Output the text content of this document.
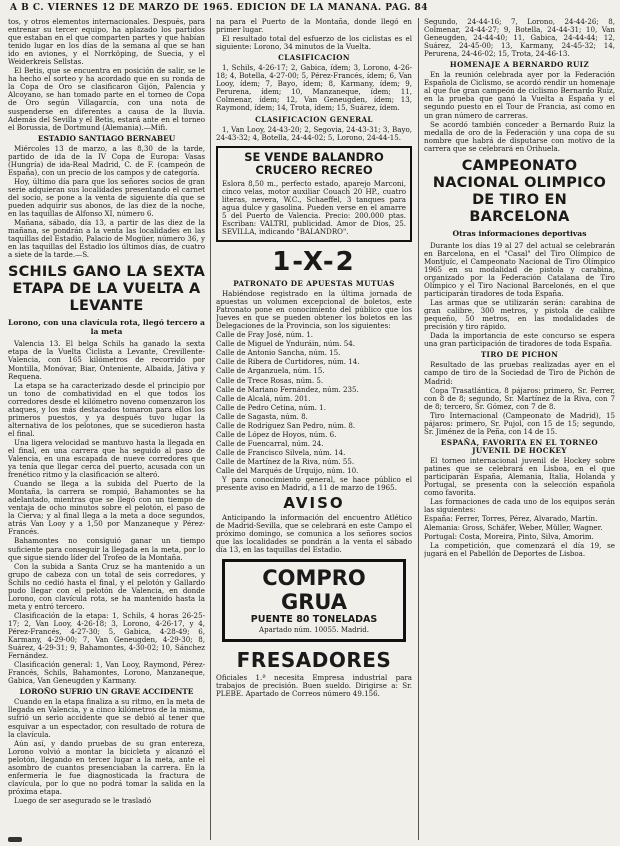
A B C. VIERNES 12 DE MARZO DE 1965. EDICION DE LA MAÑANA. PAG. 84

tos, y otros elementos internacionales. Después, para entrenar su tercer equipo, ha aplazado los partidos que estaban en el que comparten partes y que habían tenido lugar en los días de la semana al que se han ido en aviones, y el Norrköping, de Suecia, y el Weiderkreis Sellstas.

El Betis, que se encuentra en posición de salir, se le ha hecho el sorteo y ha acordado que en su ronda de la Copa de Oro se clasificaron Gijón, Palencia y Alcoyano, se han tomado parte en el torneo de Copa de Oro según Villagarcía, con una nota de suspenderse en diferentes a causa de la lluvia. Además del Sevilla y el Betis, estará ante en el torneo el Borussia, de Dortmund (Alemania).—Mifi.

ESTADIO SANTIAGO BERNABEU

Miércoles 13 de marzo, a las 8,30 de la tarde, partido de ida de la IV Copa de Europa: Vasas (Hungría) de ida-Real Madrid, C. de F. (campeón de España), con un precio de los campos y de categoría.

Hoy, último día para que los señores socios de gran serie adquieran sus localidades presentando el carnet del socio, se pone a la venta de siguiente día que se pueden adquirir sus abonos, de las diez de la noche, en las taquillas de Alfonso XI, número 6.

Mañana, sábado, día 13, a partir de las diez de la mañana, se pondrán a la venta las localidades en las taquillas del Estadio, Palacio de Mogüer, número 36, y en las taquillas del Estadio los últimos días, de cuatro a siete de la tarde.—S.

SCHILS GANO LA SEXTA ETAPA DE LA VUELTA A LEVANTE
Lorono, con una clavícula rota, llegó tercero a la meta

Valencia 13. El belga Schils ha ganado la sexta etapa de la Vuelta Ciclista a Levante, Crevillente-Valencia, con 165 kilómetros de recorrido por Montilla, Monóvar, Biar, Onteniente, Albaida, Játiva y Requena.

La etapa se ha caracterizado desde el principio por un tono de combatividad en el que todos los corredores desde el kilómetro noveno comenzaron los ataques, y los más destacados tomaron para ellos los primeros puestos, y ya después tuvo lugar la alternativa de los pelotones, que se sucedieron hasta el final.

Una ligera velocidad se mantuvo hasta la llegada en el final, en una carrera que ha seguido al paso de Valencia, en una escapada de nueve corredores que ya tenía que llegar cerca del puerto, acusada con un frenético ritmo y la clasificación se alteró.

Cuando se llega a la subida del Puerto de la Montaña, la carrera se rompió, Bahamontes se ha adelantado, mientras que se llegó con un tiempo de ventaja de ocho minutos sobre el pelotón, el paso de la Cierva; y al final llega a la meta a doce segundos, atrás Van Looy y a 1,50 por Manzaneque y Pérez-Francés.

Bahamontes no consiguió ganar un tiempo suficiente para conseguir la llegada en la meta, por lo que sigue siendo líder del Trofeo de la Montaña.

Con la subida a Santa Cruz se ha mantenido a un grupo de cabeza con un total de seis corredores, y Schils no cedió hasta el final, y el pelotón y Gallardo pudo llegar con el pelotón de Valencia, en donde Lorono, con clavícula rota, se ha mantenido hasta la meta y entró tercero.

Clasificación de la etapa: 1, Schils, 4 horas 26-25-17; 2, Van Looy, 4-26-18; 3, Lorono, 4-26-17, y 4, Pérez-Francés, 4-27-30; 5, Gabica, 4-28-49; 6, Karmany, 4-29-00; 7, Van Geneugden, 4-29-30; 8, Suárez, 4-29-31; 9, Bahamontes, 4-30-02; 10, Sánchez Fernández.

Clasificación general: 1, Van Looy, Raymond, Pérez-Francés, Schils, Bahamontes, Lorono, Manzaneque, Gabica, Van Geneugden y Karmany.

LOROÑO SUFRIO UN GRAVE ACCIDENTE

Cuando en la etapa finaliza a su ritmo, en la meta de llegada en Valencia, y a cinco kilómetros de la misma, sufrió un serio accidente que se debió al tener que esquivar a un espectador, con resultado de rotura de la clavícula.

Aún así, y dando pruebas de su gran entereza, Lorono volvió a montar la bicicleta y alcanzó el pelotón, llegando en tercer lugar a la meta, ante el asombro de cuantos presenciaban la carrera. En la enfermería le fue diagnosticada la fractura de clavícula, por lo que no podrá tomar la salida en la próxima etapa.

Luego de ser asegurado se le trasladó

na para el Puerto de la Montaña, donde llegó en primer lugar.

El resultado total del esfuerzo de los ciclistas es el siguiente: Lorono, 34 minutos de la Vuelta.

CLASIFICACION

1, Schils, 4-26-17; 2, Gabica, ídem; 3, Lorono, 4-26-18; 4, Botella, 4-27-00; 5, Pérez-Francés, ídem; 6, Van Looy, ídem; 7, Bayo, ídem; 8, Karmany, ídem; 9, Perurena, ídem; 10, Manzaneque, ídem; 11, Colmenar, ídem; 12, Van Geneugden, ídem; 13, Raymond, ídem; 14, Trota, ídem; 15, Suárez, ídem.

CLASIFICACION GENERAL

1, Van Looy, 24-43-20; 2, Segovia, 24-43-31; 3, Bayo, 24-43-32; 4, Botella, 24-44-02; 5, Lorono, 24-44-15.

SE VENDE BALANDRO CRUCERO RECREO

Eslora 8,50 m., perfecto estado, aparejo Marconi, cinco velas, motor auxiliar Couach 20 HP., cuatro literas, nevera, W.C., Schaeffel, 3 tanques para agua dulce y gasolina. Pueden verse en el amarre 5 del Puerto de Valencia. Precio: 200.000 ptas. Escriban: VALTRI, publicidad. Amor de Dios, 25. SEVILLA, indicando "BALANDRO".

1-X-2
PATRONATO DE APUESTAS MUTUAS

Habiéndose registrado en la última jornada de apuestas un volumen excepcional de boletos, este Patronato pone en conocimiento del público que los Jueves en que se pueden obtener los boletos en las Delegaciones de la Provincia, son los siguientes:

Calle de Fray José, núm. 1.

Calle de Miguel de Ynduráin, núm. 54.

Calle de Antonio Sancha, núm. 15.

Calle de Ribera de Curtidores, núm. 14.

Calle de Arganzuela, núm. 15.

Calle de Trece Rosas, núm. 5.

Calle de Mariano Fernández, núm. 235.

Calle de Alcalá, núm. 201.

Calle de Pedro Cetina, núm. 1.

Calle de Sagasta, núm. 8.

Calle de Rodríguez San Pedro, núm. 8.

Calle de López de Hoyos, núm. 6.

Calle de Fuencarral, núm. 24.

Calle de Francisco Silvela, núm. 14.

Calle de Martínez de la Riva, núm. 55.

Calle del Marqués de Urquijo, núm. 10.

Y para conocimiento general, se hace público el presente aviso en Madrid, a 11 de marzo de 1965.

AVISO

Anticipando la información del encuentro Atlético de Madrid-Sevilla, que se celebrará en este Campo el próximo domingo, se comunica a los señores socios que las localidades se pondrán a la venta el sábado día 13, en las taquillas del Estadio.

COMPRO GRUA
PUENTE 80 TONELADAS
Apartado núm. 10055. Madrid.
FRESADORES

Oficiales 1.ª necesita Empresa industrial para trabajos de precisión. Buen sueldo. Dirigirse a: Sr. PLEBE. Apartado de Correos número 49.156.

Segundo, 24-44-16; 7, Lorono, 24-44-26; 8, Colmenar, 24-44-27; 9, Botella, 24-44-31; 10, Van Geneugden, 24-44-40; 11, Gabica, 24-44-44; 12, Suárez, 24-45-00; 13, Karmany, 24-45-32; 14, Perurena, 24-46-02; 15, Trota, 24-46-13.

HOMENAJE A BERNARDO RUIZ

En la reunión celebrada ayer por la Federación Española de Ciclismo, se acordó rendir un homenaje al que fue gran campeón de ciclismo Bernardo Ruiz, en la prueba que ganó la Vuelta a España y el segundo puesto en el Tour de Francia, así como en un gran número de carreras.

Se acordó también conceder a Bernardo Ruiz la medalla de oro de la Federación y una copa de su nombre que habrá de disputarse con motivo de la carrera que se celebrará en Orihuela.

CAMPEONATO NACIONAL OLIMPICO DE TIRO EN BARCELONA
Otras informaciones deportivas

Durante los días 19 al 27 del actual se celebrarán en Barcelona, en el "Casal" del Tiro Olímpico de Montjuïc, el Campeonato Nacional de Tiro Olímpico 1965 en su modalidad de pistola y carabina, organizado por la Federación Catalana de Tiro Olímpico y el Tiro Nacional Barcelonés, en el que participarán tiradores de toda España.

Las armas que se utilizarán serán: carabina de gran calibre, 300 metros, y pistola de calibre pequeño, 50 metros, en las modalidades de precisión y tiro rápido.

Dada la importancia de este concurso se espera una gran participación de tiradores de toda España.

TIRO DE PICHON

Resultado de las pruebas realizadas ayer en el campo de tiro de la Sociedad de Tiro de Pichón de Madrid:

Copa Trasatlántica, 8 pájaros: primero, Sr. Ferrer, con 8 de 8; segundo, Sr. Martínez de la Riva, con 7 de 8; tercero, Sr. Gómez, con 7 de 8.

Tiro Internacional (Campeonato de Madrid), 15 pájaros: primero, Sr. Pujol, con 15 de 15; segundo, Sr. Jiménez de la Peña, con 14 de 15.

ESPAÑA, FAVORITA EN EL TORNEO JUVENIL DE HOCKEY

El torneo internacional juvenil de Hockey sobre patines que se celebrará en Lisboa, en el que participarán España, Alemania, Italia, Holanda y Portugal, se presenta con la selección española como favorita.

Las formaciones de cada uno de los equipos serán las siguientes:

España: Ferrer, Torres, Pérez, Alvarado, Martín.

Alemania: Gross, Schäfer, Weber, Müller, Wagner.

Portugal: Costa, Moreira, Pinto, Silva, Amorim.

La competición, que comenzará el día 19, se jugará en el Pabellón de Deportes de Lisboa.
